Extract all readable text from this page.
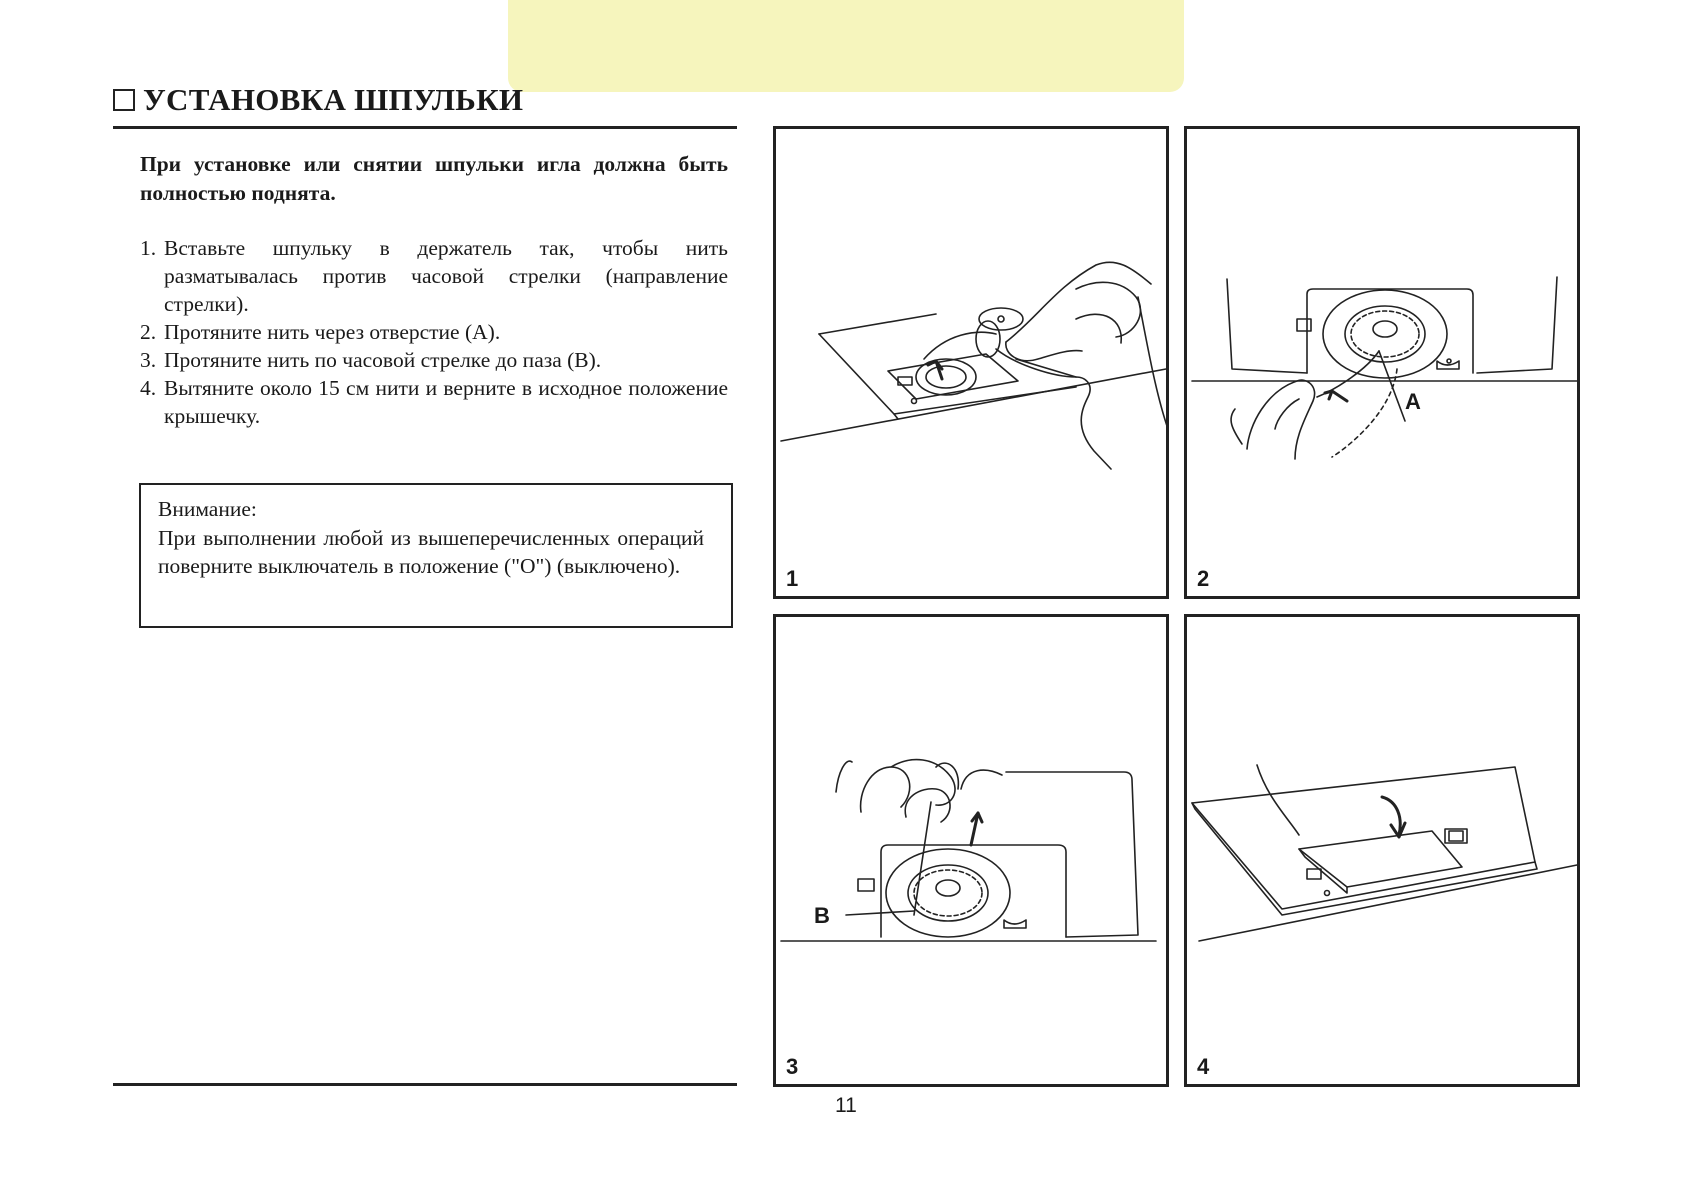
УСТАНОВКА ШПУЛЬКИ
При установке или снятии шпульки игла должна быть полностью поднята.
1. Вставьте шпульку в держатель так, чтобы нить разматывалась против часовой стрелки (направление стрелки).
2. Протяните нить через отверстие (A).
3. Протяните нить по часовой стрелке до паза (B).
4. Вытяните около 15 см нити и верните в исходное положение крышечку.
Внимание:
При выполнении любой из вышеперечисленных операций поверните выключатель в положение ("O") (выключено).	1
A
2
B
3	4
11
